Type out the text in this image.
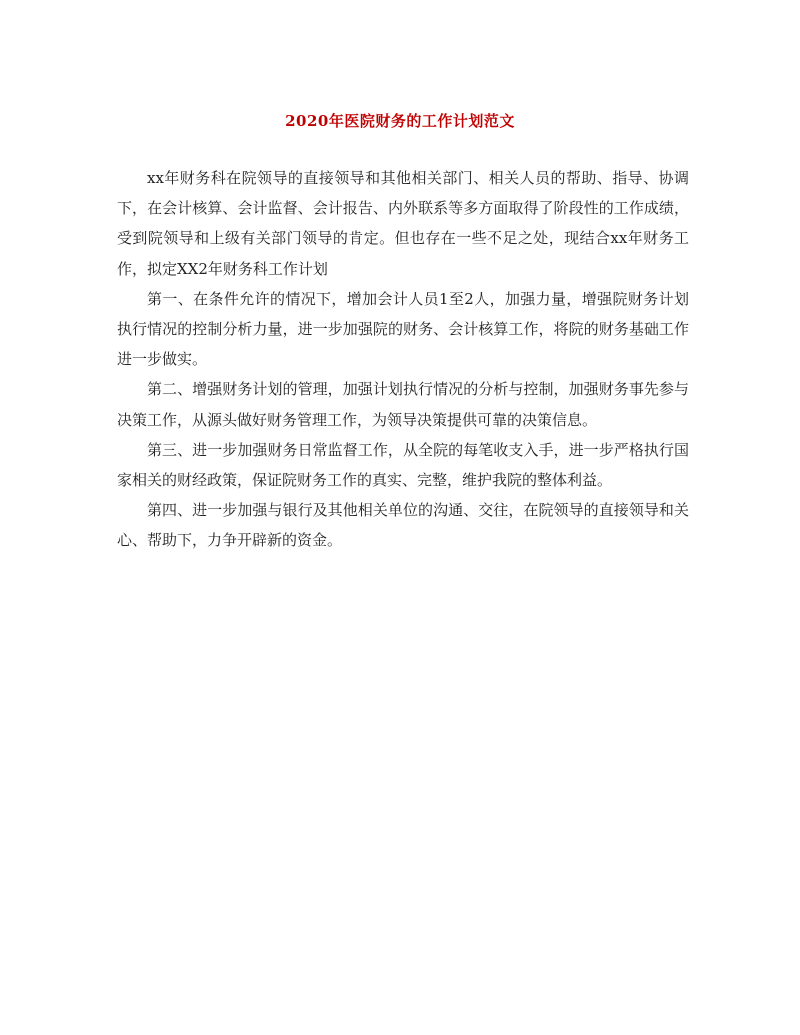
2020年医院财务的工作计划范文

xx年财务科在院领导的直接领导和其他相关部门、相关人员的帮助、指导、协调下，在会计核算、会计监督、会计报告、内外联系等多方面取得了阶段性的工作成绩，受到院领导和上级有关部门领导的肯定。但也存在一些不足之处，现结合xx年财务工作，拟定XX2年财务科工作计划

第一、在条件允许的情况下，增加会计人员1至2人，加强力量，增强院财务计划执行情况的控制分析力量，进一步加强院的财务、会计核算工作，将院的财务基础工作进一步做实。

第二、增强财务计划的管理，加强计划执行情况的分析与控制，加强财务事先参与决策工作，从源头做好财务管理工作，为领导决策提供可靠的决策信息。

第三、进一步加强财务日常监督工作，从全院的每笔收支入手，进一步严格执行国家相关的财经政策，保证院财务工作的真实、完整，维护我院的整体利益。

第四、进一步加强与银行及其他相关单位的沟通、交往，在院领导的直接领导和关心、帮助下，力争开辟新的资金。
